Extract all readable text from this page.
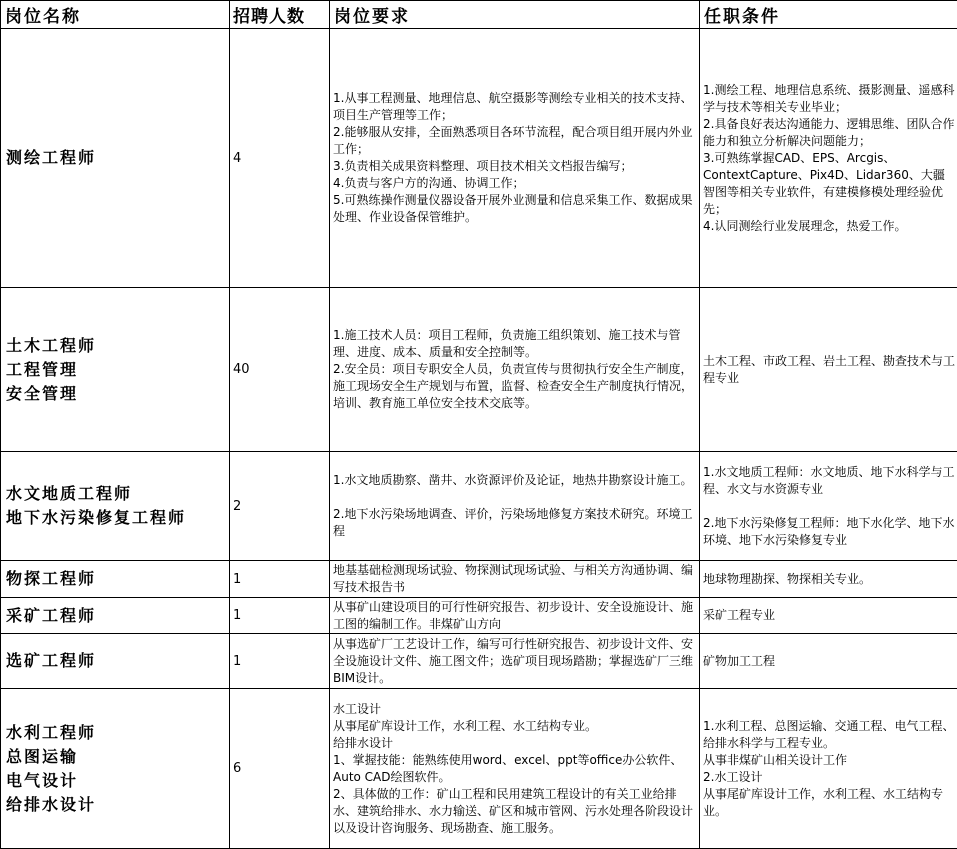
岗位名称	招聘人数	岗位要求	任职条件

测绘工程师	4	1.从事工程测量、地理信息、航空摄影等测绘专业相关的技术支持、项目生产管理等工作；
2.能够服从安排，全面熟悉项目各环节流程，配合项目组开展内外业工作；
3.负责相关成果资料整理、项目技术相关文档报告编写；
4.负责与客户方的沟通、协调工作；
5.可熟练操作测量仪器设备开展外业测量和信息采集工作、数据成果处理、作业设备保管维护。	1.测绘工程、地理信息系统、摄影测量、遥感科学与技术等相关专业毕业；
2.具备良好表达沟通能力、逻辑思维、团队合作能力和独立分析解决问题能力；
3.可熟练掌握CAD、EPS、Arcgis、ContextCapture、Pix4D、Lidar360、大疆智图等相关专业软件，有建模修模处理经验优先；
4.认同测绘行业发展理念，热爱工作。

土木工程师
工程管理
安全管理	40	1.施工技术人员：项目工程师，负责施工组织策划、施工技术与管理、进度、成本、质量和安全控制等。
2.安全员：项目专职安全人员，负责宣传与贯彻执行安全生产制度，施工现场安全生产规划与布置，监督、检查安全生产制度执行情况，培训、教育施工单位安全技术交底等。	土木工程、市政工程、岩土工程、勘查技术与工程专业

水文地质工程师
地下水污染修复工程师	2	1.水文地质勘察、凿井、水资源评价及论证，地热井勘察设计施工。
2.地下水污染场地调查、评价，污染场地修复方案技术研究。环境工程	1.水文地质工程师：水文地质、地下水科学与工程、水文与水资源专业
2.地下水污染修复工程师：地下水化学、地下水环境、地下水污染修复专业

物探工程师	1	地基基础检测现场试验、物探测试现场试验、与相关方沟通协调、编写技术报告书	地球物理勘探、物探相关专业。

采矿工程师	1	从事矿山建设项目的可行性研究报告、初步设计、安全设施设计、施工图的编制工作。非煤矿山方向	采矿工程专业

选矿工程师	1	从事选矿厂工艺设计工作，编写可行性研究报告、初步设计文件、安全设施设计文件、施工图文件；选矿项目现场踏勘；掌握选矿厂三维BIM设计。	矿物加工工程

水利工程师
总图运输
电气设计
给排水设计	6	水工设计
从事尾矿库设计工作，水利工程、水工结构专业。
给排水设计
1、掌握技能：能熟练使用word、excel、ppt等office办公软件、Auto CAD绘图软件。
2、具体做的工作：矿山工程和民用建筑工程设计的有关工业给排水、建筑给排水、水力输送、矿区和城市管网、污水处理各阶段设计以及设计咨询服务、现场勘查、施工服务。	1.水利工程、总图运输、交通工程、电气工程、给排水科学与工程专业。
从事非煤矿山相关设计工作
2.水工设计
从事尾矿库设计工作，水利工程、水工结构专业。
